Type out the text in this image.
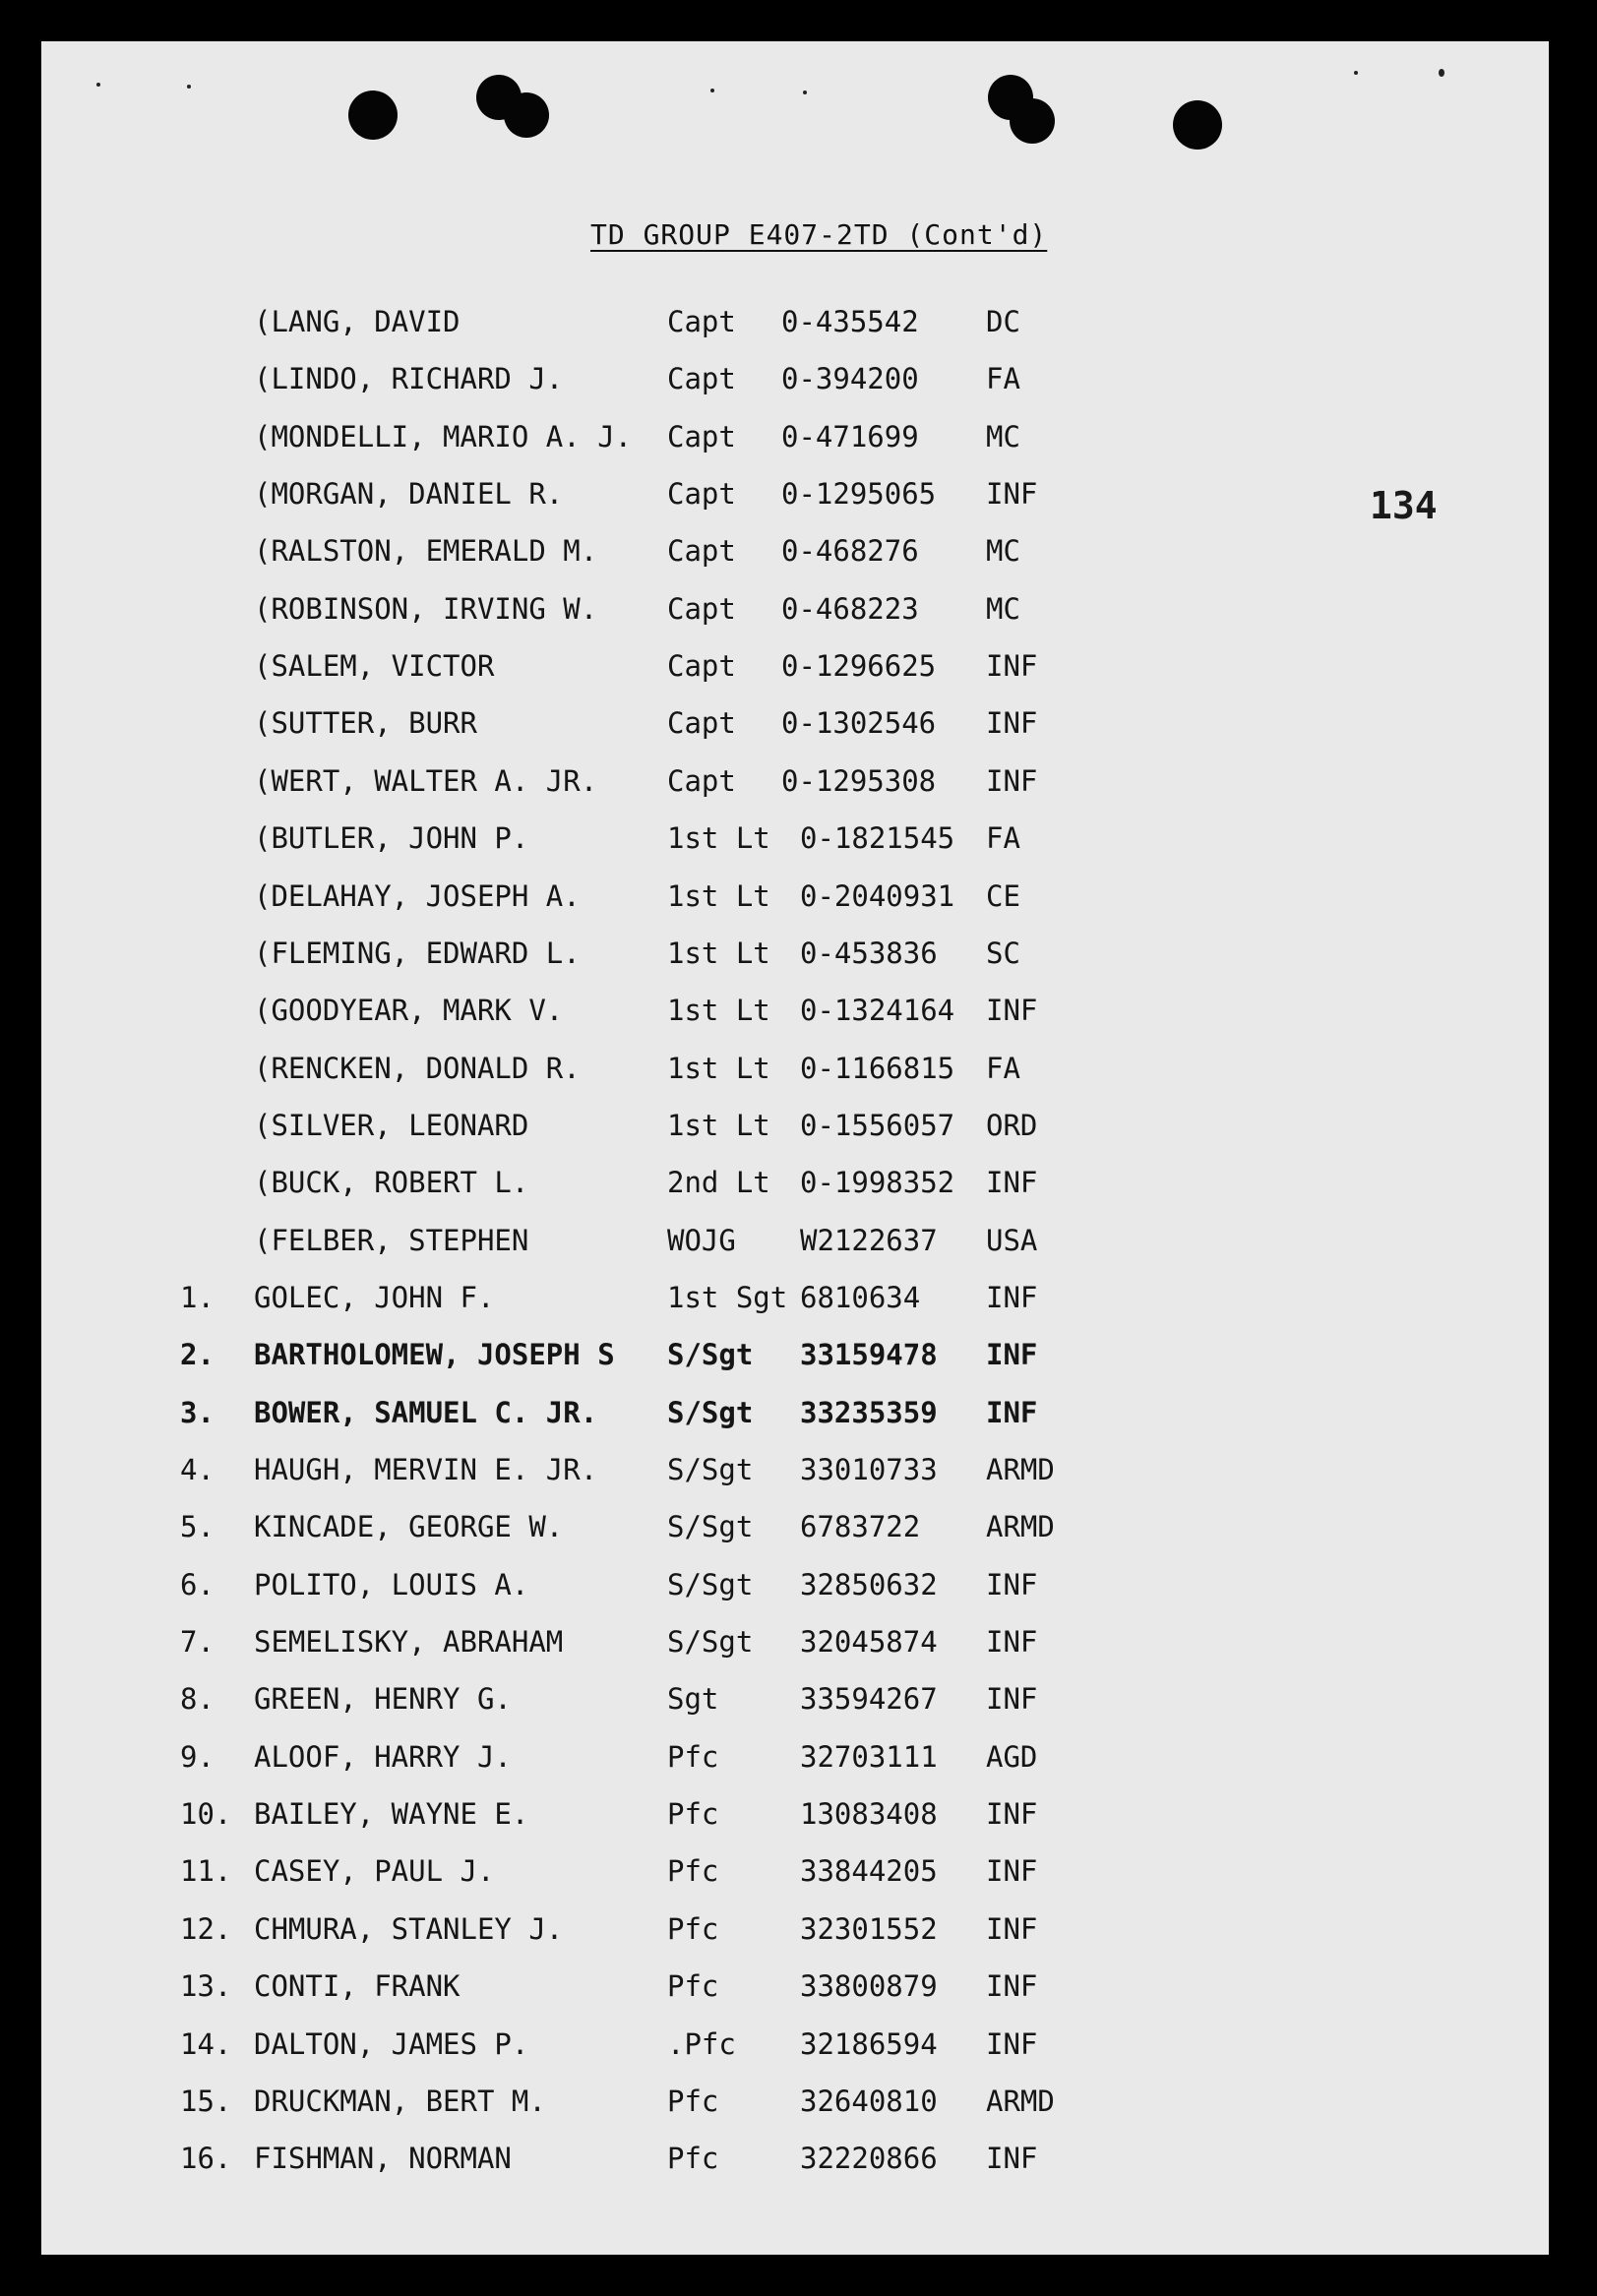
TD GROUP E407-2TD (Cont'd)
134
(LANG, DAVID	Capt 0-435542 DC
(LINDO, RICHARD J.	Capt 0-394200 FA
(MONDELLI, MARIO A. J. Capt 0-471699 MC
(MORGAN, DANIEL R.	Capt 0-1295065 INF
(RALSTON, EMERALD M. Capt 0-468276 MC
(ROBINSON, IRVING W. Capt 0-468223 MC
(SALEM, VICTOR	Capt 0-1296625 INF
(SUTTER, BURR	Capt 0-1302546 INF
(WERT, WALTER A. JR. Capt 0-1295308 INF
(BUTLER, JOHN P.	1st Lt 0-1821545 FA
(DELAHAY, JOSEPH A.	1st Lt 0-2040931 CE
(FLEMING, EDWARD L.	1st Lt 0-453836 SC
(GOODYEAR, MARK V.	1st Lt 0-1324164 INF
(RENCKEN, DONALD R.	1st Lt 0-1166815 FA
(SILVER, LEONARD	1st Lt 0-1556057 ORD
(BUCK, ROBERT L.	2nd Lt 0-1998352 INF
(FELBER, STEPHEN	WOJG W2122637 USA
1. GOLEC, JOHN F.	1st Sgt 6810634 INF
2. BARTHOLOMEW, JOSEPH S S/Sgt 33159478 INF
3. BOWER, SAMUEL C. JR. S/Sgt 33235359 INF
4. HAUGH, MERVIN E. JR. S/Sgt 33010733 ARMD
5. KINCADE, GEORGE W.	S/Sgt 6783722 ARMD
6. POLITO, LOUIS A.	S/Sgt 32850632 INF
7. SEMELISKY, ABRAHAM	S/Sgt 32045874 INF
8. GREEN, HENRY G.	Sgt	33594267 INF
9. ALOOF, HARRY J.	Pfc	32703111 AGD
10. BAILEY, WAYNE E.	Pfc	13083408 INF
11. CASEY, PAUL J.	Pfc	33844205 INF
12. CHMURA, STANLEY J.	Pfc	32301552 INF
13. CONTI, FRANK	Pfc	33800879 INF
14. DALTON, JAMES P.	.Pfc 32186594 INF
15. DRUCKMAN, BERT M.	Pfc	32640810 ARMD
16. FISHMAN, NORMAN	Pfc	32220866 INF
